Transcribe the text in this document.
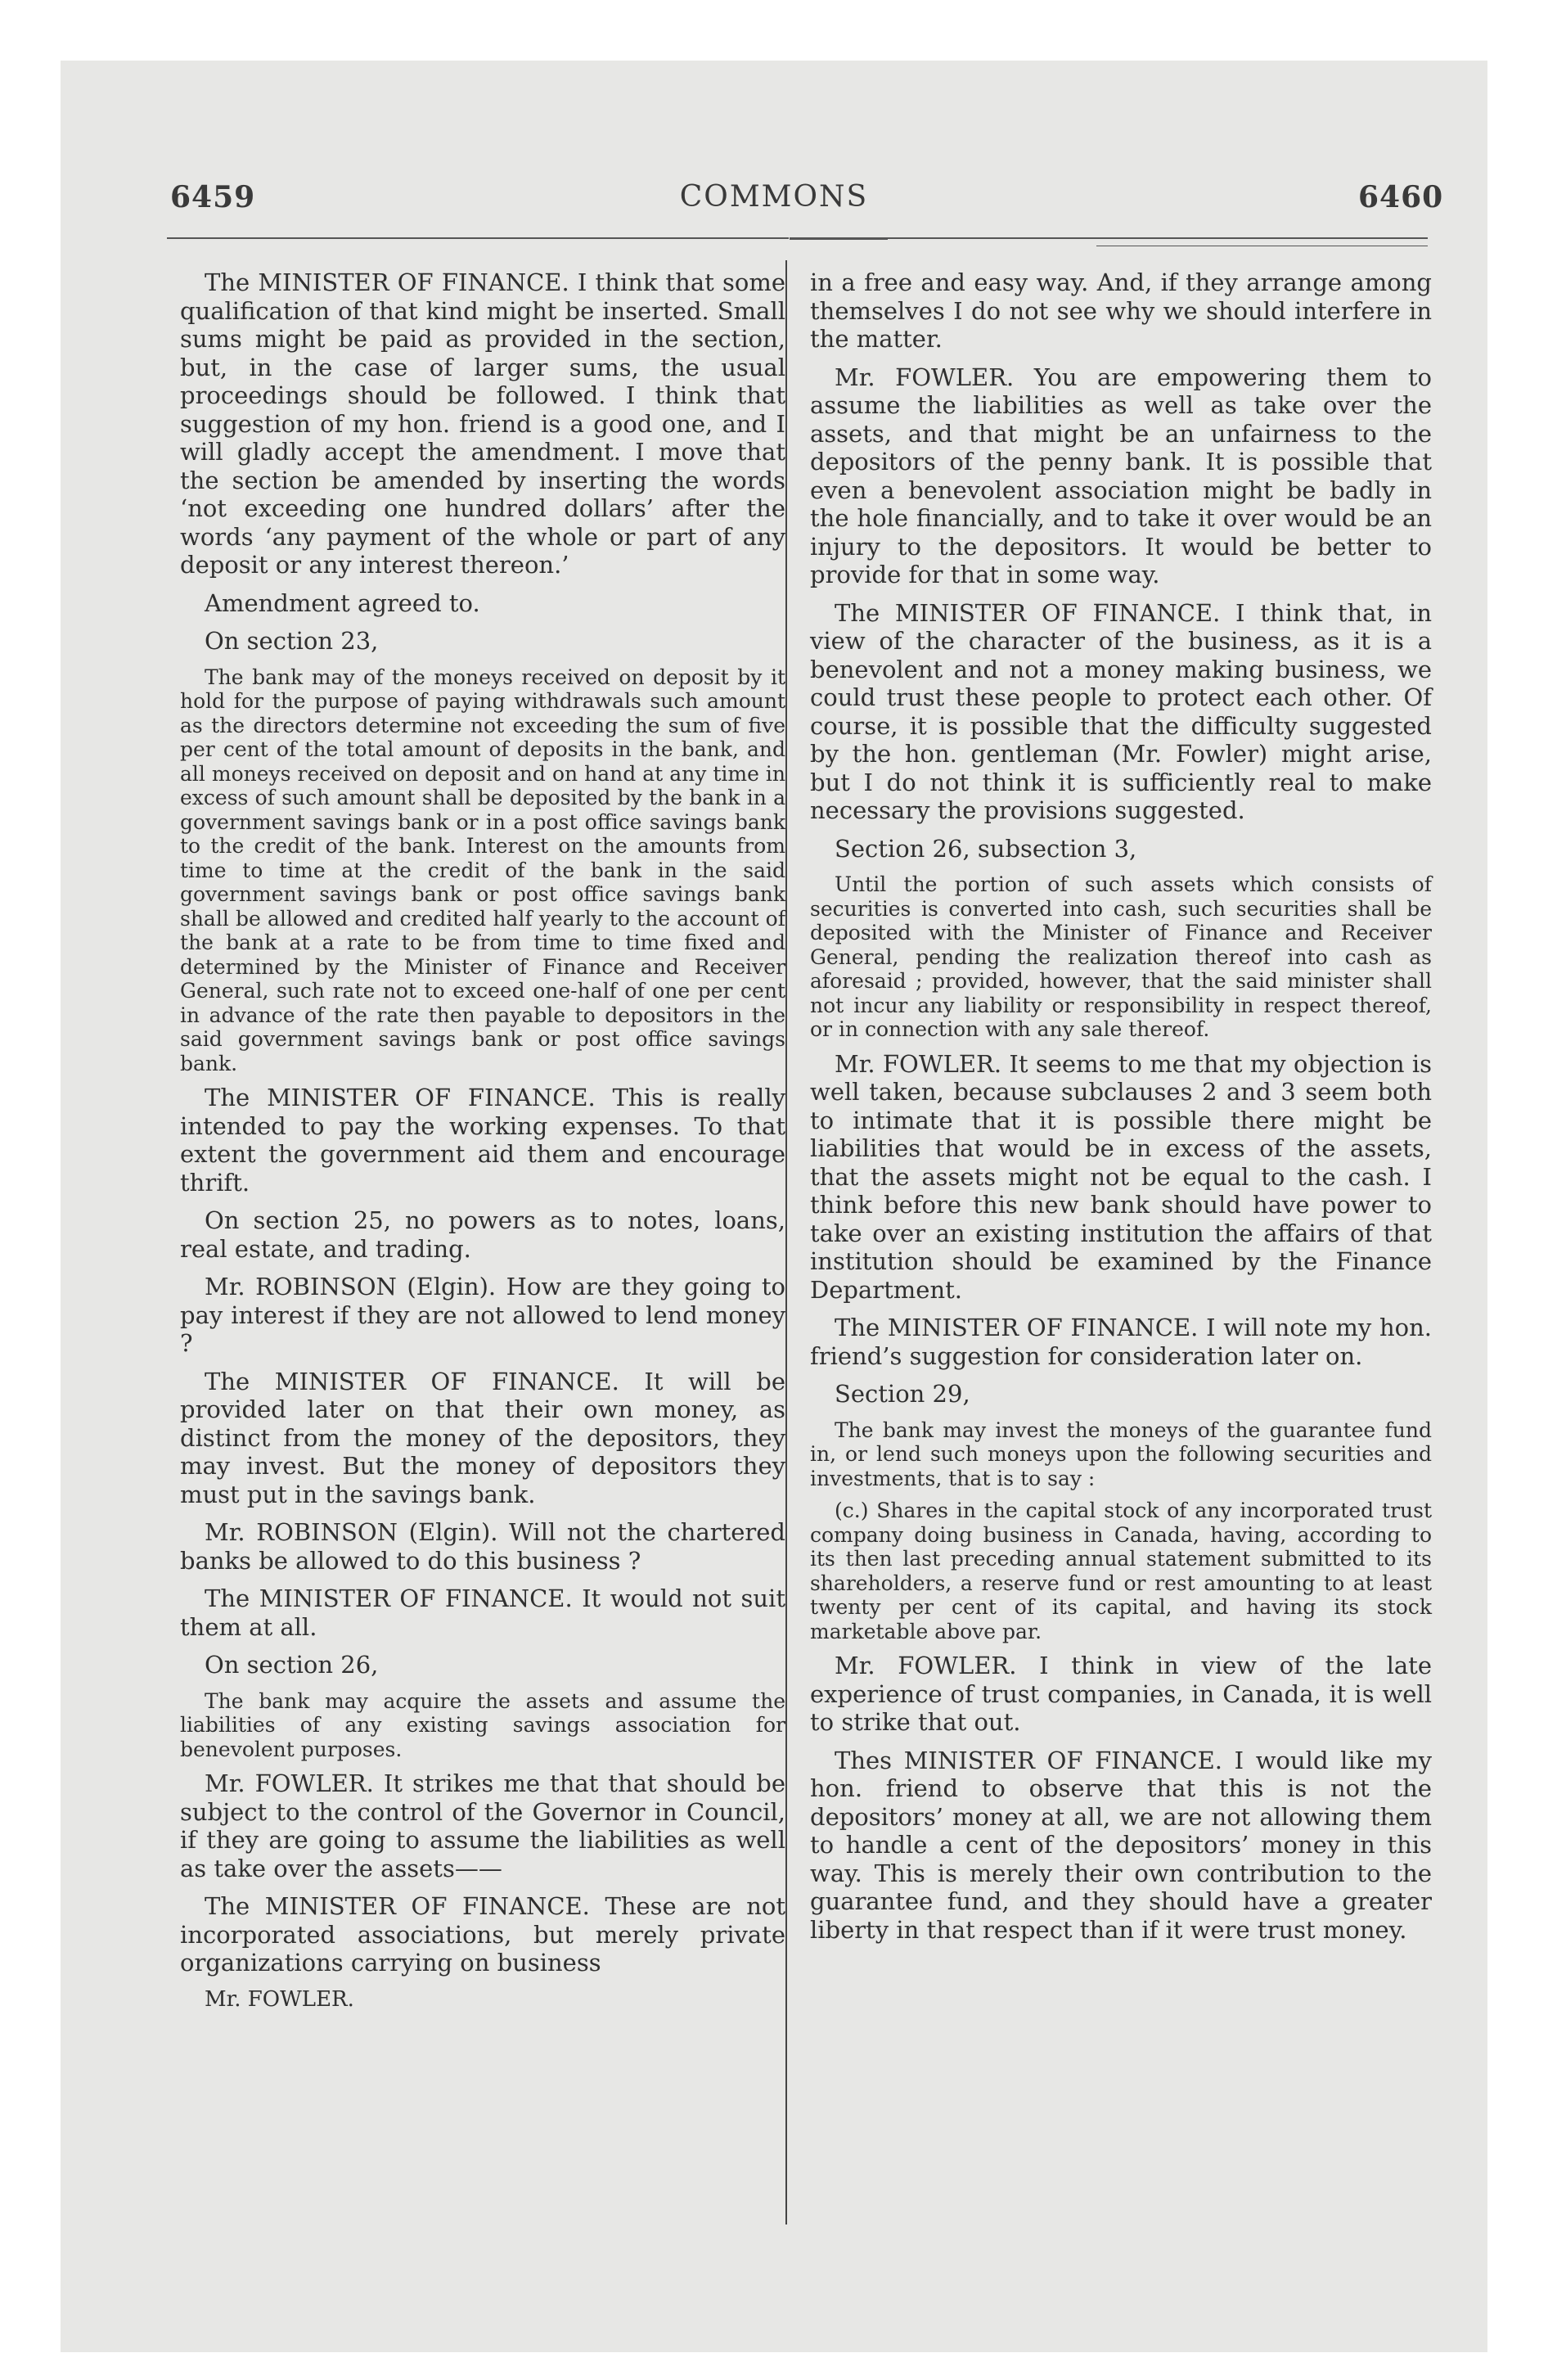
6459	COMMONS	6460

The MINISTER OF FINANCE. I think that some qualification of that kind might be inserted. Small sums might be paid as provided in the section, but, in the case of larger sums, the usual proceedings should be followed. I think that suggestion of my hon. friend is a good one, and I will gladly accept the amendment. I move that the section be amended by inserting the words ‘not exceeding one hundred dollars’ after the words ‘any payment of the whole or part of any deposit or any interest thereon.’

Amendment agreed to.

On section 23,

The bank may of the moneys received on deposit by it hold for the purpose of paying withdrawals such amount as the directors determine not exceeding the sum of five per cent of the total amount of deposits in the bank, and all moneys received on deposit and on hand at any time in excess of such amount shall be deposited by the bank in a government savings bank or in a post office savings bank to the credit of the bank. Interest on the amounts from time to time at the credit of the bank in the said government savings bank or post office savings bank shall be allowed and credited half yearly to the account of the bank at a rate to be from time to time fixed and determined by the Minister of Finance and Receiver General, such rate not to exceed one-half of one per cent in advance of the rate then payable to depositors in the said government savings bank or post office savings bank.

The MINISTER OF FINANCE. This is really intended to pay the working expenses. To that extent the government aid them and encourage thrift.

On section 25, no powers as to notes, loans, real estate, and trading.

Mr. ROBINSON (Elgin). How are they going to pay interest if they are not allowed to lend money ?

The MINISTER OF FINANCE. It will be provided later on that their own money, as distinct from the money of the depositors, they may invest. But the money of depositors they must put in the savings bank.

Mr. ROBINSON (Elgin). Will not the chartered banks be allowed to do this business ?

The MINISTER OF FINANCE. It would not suit them at all.

On section 26,

The bank may acquire the assets and assume the liabilities of any existing savings association for benevolent purposes.

Mr. FOWLER. It strikes me that that should be subject to the control of the Governor in Council, if they are going to assume the liabilities as well as take over the assets——

The MINISTER OF FINANCE. These are not incorporated associations, but merely private organizations carrying on business

Mr. FOWLER.

in a free and easy way. And, if they arrange among themselves I do not see why we should interfere in the matter.

Mr. FOWLER. You are empowering them to assume the liabilities as well as take over the assets, and that might be an unfairness to the depositors of the penny bank. It is possible that even a benevolent association might be badly in the hole financially, and to take it over would be an injury to the depositors. It would be better to provide for that in some way.

The MINISTER OF FINANCE. I think that, in view of the character of the business, as it is a benevolent and not a money making business, we could trust these people to protect each other. Of course, it is possible that the difficulty suggested by the hon. gentleman (Mr. Fowler) might arise, but I do not think it is sufficiently real to make necessary the provisions suggested.

Section 26, subsection 3,

Until the portion of such assets which consists of securities is converted into cash, such securities shall be deposited with the Minister of Finance and Receiver General, pending the realization thereof into cash as aforesaid ; provided, however, that the said minister shall not incur any liability or responsibility in respect thereof, or in connection with any sale thereof.

Mr. FOWLER. It seems to me that my objection is well taken, because subclauses 2 and 3 seem both to intimate that it is possible there might be liabilities that would be in excess of the assets, that the assets might not be equal to the cash. I think before this new bank should have power to take over an existing institution the affairs of that institution should be examined by the Finance Department.

The MINISTER OF FINANCE. I will note my hon. friend’s suggestion for consideration later on.

Section 29,

The bank may invest the moneys of the guarantee fund in, or lend such moneys upon the following securities and investments, that is to say :

(c.) Shares in the capital stock of any incorporated trust company doing business in Canada, having, according to its then last preceding annual statement submitted to its shareholders, a reserve fund or rest amounting to at least twenty per cent of its capital, and having its stock marketable above par.

Mr. FOWLER. I think in view of the late experience of trust companies, in Canada, it is well to strike that out.

Thes MINISTER OF FINANCE. I would like my hon. friend to observe that this is not the depositors’ money at all, we are not allowing them to handle a cent of the depositors’ money in this way. This is merely their own contribution to the guarantee fund, and they should have a greater liberty in that respect than if it were trust money.
